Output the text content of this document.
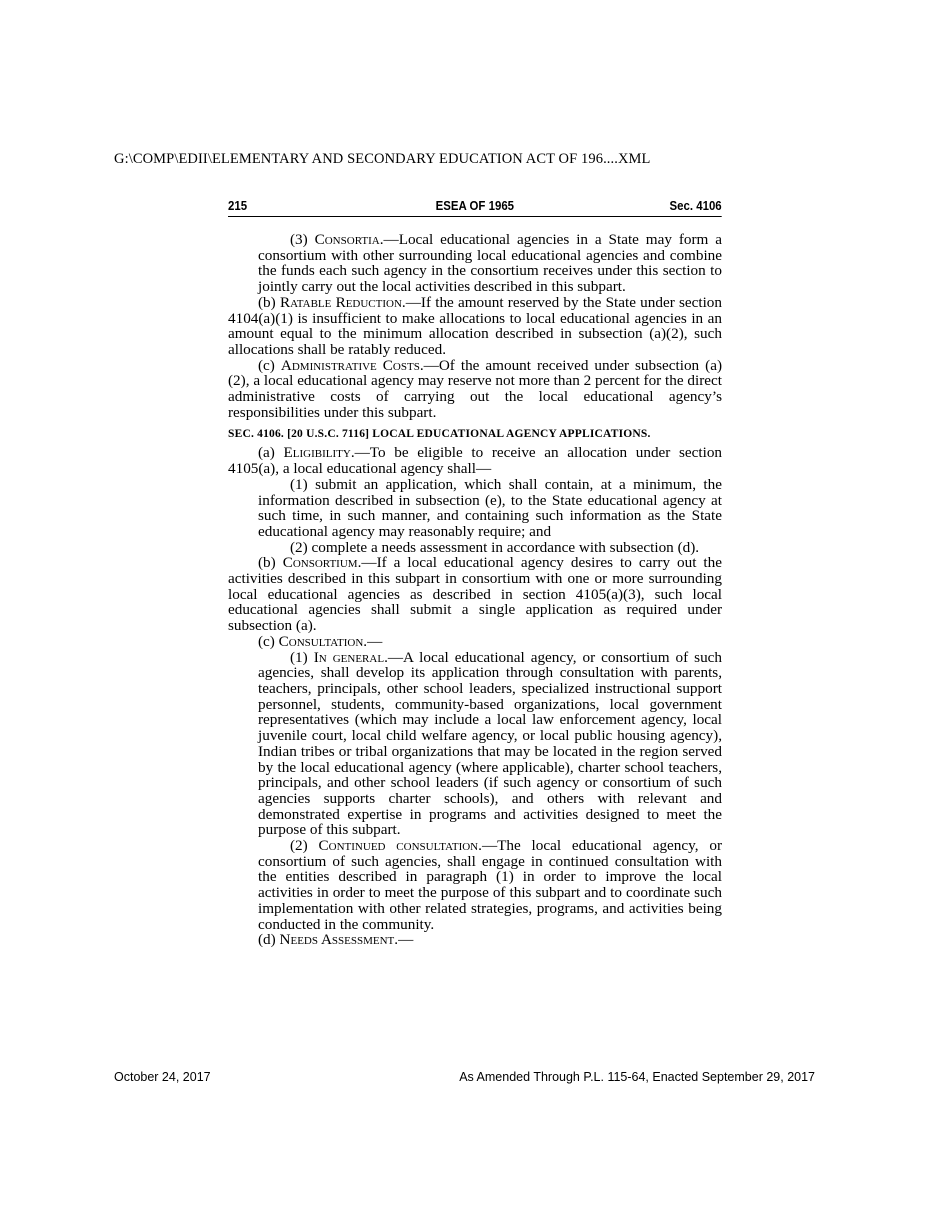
G:\COMP\EDII\ELEMENTARY AND SECONDARY EDUCATION ACT OF 196....XML
215	ESEA OF 1965	Sec. 4106

(3) Consortia.—Local educational agencies in a State may form a consortium with other surrounding local educational agencies and combine the funds each such agency in the consortium receives under this section to jointly carry out the local activities described in this subpart.

(b) Ratable Reduction.—If the amount reserved by the State under section 4104(a)(1) is insufficient to make allocations to local educational agencies in an amount equal to the minimum allocation described in subsection (a)(2), such allocations shall be ratably reduced.

(c) Administrative Costs.—Of the amount received under subsection (a)(2), a local educational agency may reserve not more than 2 percent for the direct administrative costs of carrying out the local educational agency’s responsibilities under this subpart.

SEC. 4106. [20 U.S.C. 7116] LOCAL EDUCATIONAL AGENCY APPLICATIONS.

(a) Eligibility.—To be eligible to receive an allocation under section 4105(a), a local educational agency shall—

(1) submit an application, which shall contain, at a minimum, the information described in subsection (e), to the State educational agency at such time, in such manner, and containing such information as the State educational agency may reasonably require; and

(2) complete a needs assessment in accordance with subsection (d).

(b) Consortium.—If a local educational agency desires to carry out the activities described in this subpart in consortium with one or more surrounding local educational agencies as described in section 4105(a)(3), such local educational agencies shall submit a single application as required under subsection (a).

(c) Consultation.—

(1) In general.—A local educational agency, or consortium of such agencies, shall develop its application through consultation with parents, teachers, principals, other school leaders, specialized instructional support personnel, students, community-based organizations, local government representatives (which may include a local law enforcement agency, local juvenile court, local child welfare agency, or local public housing agency), Indian tribes or tribal organizations that may be located in the region served by the local educational agency (where applicable), charter school teachers, principals, and other school leaders (if such agency or consortium of such agencies supports charter schools), and others with relevant and demonstrated expertise in programs and activities designed to meet the purpose of this subpart.

(2) Continued consultation.—The local educational agency, or consortium of such agencies, shall engage in continued consultation with the entities described in paragraph (1) in order to improve the local activities in order to meet the purpose of this subpart and to coordinate such implementation with other related strategies, programs, and activities being conducted in the community.

(d) Needs Assessment.—

October 24, 2017	As Amended Through P.L. 115-64, Enacted September 29, 2017
